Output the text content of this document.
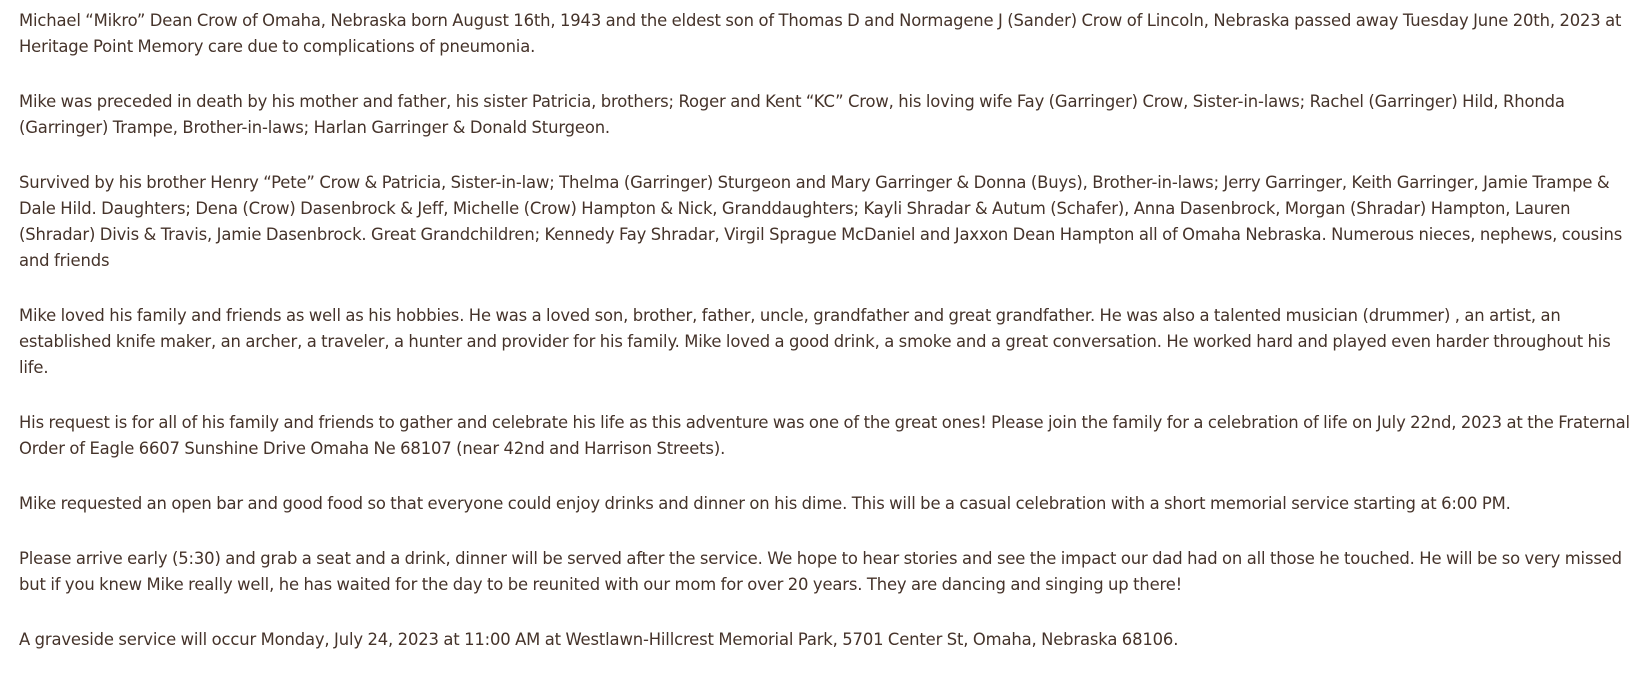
Michael “Mikro” Dean Crow of Omaha, Nebraska born August 16th, 1943 and the eldest son of Thomas D and Normagene J (Sander) Crow of Lincoln, Nebraska passed away Tuesday June 20th, 2023 at Heritage Point Memory care due to complications of pneumonia.

Mike was preceded in death by his mother and father, his sister Patricia, brothers; Roger and Kent “KC” Crow, his loving wife Fay (Garringer) Crow, Sister-in-laws; Rachel (Garringer) Hild, Rhonda (Garringer) Trampe, Brother-in-laws; Harlan Garringer & Donald Sturgeon.

Survived by his brother Henry “Pete” Crow & Patricia, Sister-in-law; Thelma (Garringer) Sturgeon and Mary Garringer & Donna (Buys), Brother-in-laws; Jerry Garringer, Keith Garringer, Jamie Trampe & Dale Hild. Daughters; Dena (Crow) Dasenbrock & Jeff, Michelle (Crow) Hampton & Nick, Granddaughters; Kayli Shradar & Autum (Schafer), Anna Dasenbrock, Morgan (Shradar) Hampton, Lauren (Shradar) Divis & Travis, Jamie Dasenbrock. Great Grandchildren; Kennedy Fay Shradar, Virgil Sprague McDaniel and Jaxxon Dean Hampton all of Omaha Nebraska. Numerous nieces, nephews, cousins and friends

Mike loved his family and friends as well as his hobbies. He was a loved son, brother, father, uncle, grandfather and great grandfather. He was also a talented musician (drummer) , an artist, an established knife maker, an archer, a traveler, a hunter and provider for his family. Mike loved a good drink, a smoke and a great conversation. He worked hard and played even harder throughout his life.

His request is for all of his family and friends to gather and celebrate his life as this adventure was one of the great ones! Please join the family for a celebration of life on July 22nd, 2023 at the Fraternal Order of Eagle 6607 Sunshine Drive Omaha Ne 68107 (near 42nd and Harrison Streets).

Mike requested an open bar and good food so that everyone could enjoy drinks and dinner on his dime. This will be a casual celebration with a short memorial service starting at 6:00 PM.

Please arrive early (5:30) and grab a seat and a drink, dinner will be served after the service. We hope to hear stories and see the impact our dad had on all those he touched. He will be so very missed but if you knew Mike really well, he has waited for the day to be reunited with our mom for over 20 years. They are dancing and singing up there!

A graveside service will occur Monday, July 24, 2023 at 11:00 AM at Westlawn-Hillcrest Memorial Park, 5701 Center St, Omaha, Nebraska 68106.
